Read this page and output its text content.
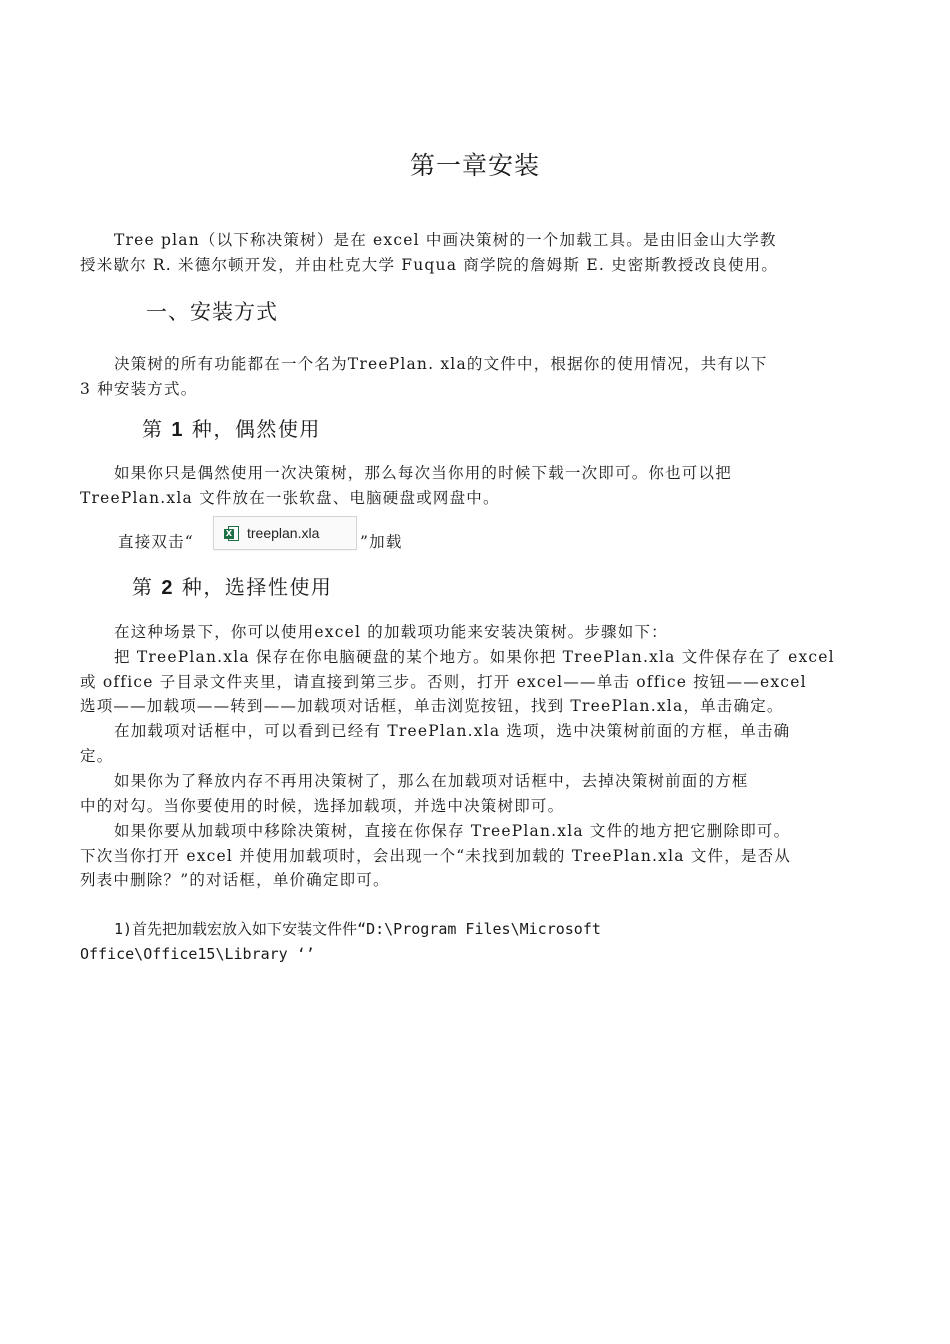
第一章安装
Tree plan（以下称决策树）是在 excel 中画决策树的一个加载工具。是由旧金山大学教
授米歇尔 R. 米德尔顿开发，并由杜克大学 Fuqua 商学院的詹姆斯 E. 史密斯教授改良使用。
一、安装方式
决策树的所有功能都在一个名为TreePlan. xla的文件中，根据你的使用情况，共有以下
3 种安装方式。
第 1 种，偶然使用
如果你只是偶然使用一次决策树，那么每次当你用的时候下载一次即可。你也可以把
TreePlan.xla 文件放在一张软盘、电脑硬盘或网盘中。
直接双击“	”加载
X treeplan.xla
第 2 种，选择性使用
在这种场景下，你可以使用excel 的加载项功能来安装决策树。步骤如下：
把 TreePlan.xla 保存在你电脑硬盘的某个地方。如果你把 TreePlan.xla 文件保存在了 excel
或 office 子目录文件夹里，请直接到第三步。否则，打开 excel——单击 office 按钮——excel
选项——加载项——转到——加载项对话框，单击浏览按钮，找到 TreePlan.xla，单击确定。
在加载项对话框中，可以看到已经有 TreePlan.xla 选项，选中决策树前面的方框，单击确
定。
如果你为了释放内存不再用决策树了，那么在加载项对话框中，去掉决策树前面的方框
中的对勾。当你要使用的时候，选择加载项，并选中决策树即可。
如果你要从加载项中移除决策树，直接在你保存 TreePlan.xla 文件的地方把它删除即可。
下次当你打开 excel 并使用加载项时，会出现一个“未找到加载的 TreePlan.xla 文件，是否从
列表中删除？”的对话框，单价确定即可。
1)首先把加载宏放入如下安装文件件“D:\Program Files\Microsoft
Office\Office15\Library ‘’
